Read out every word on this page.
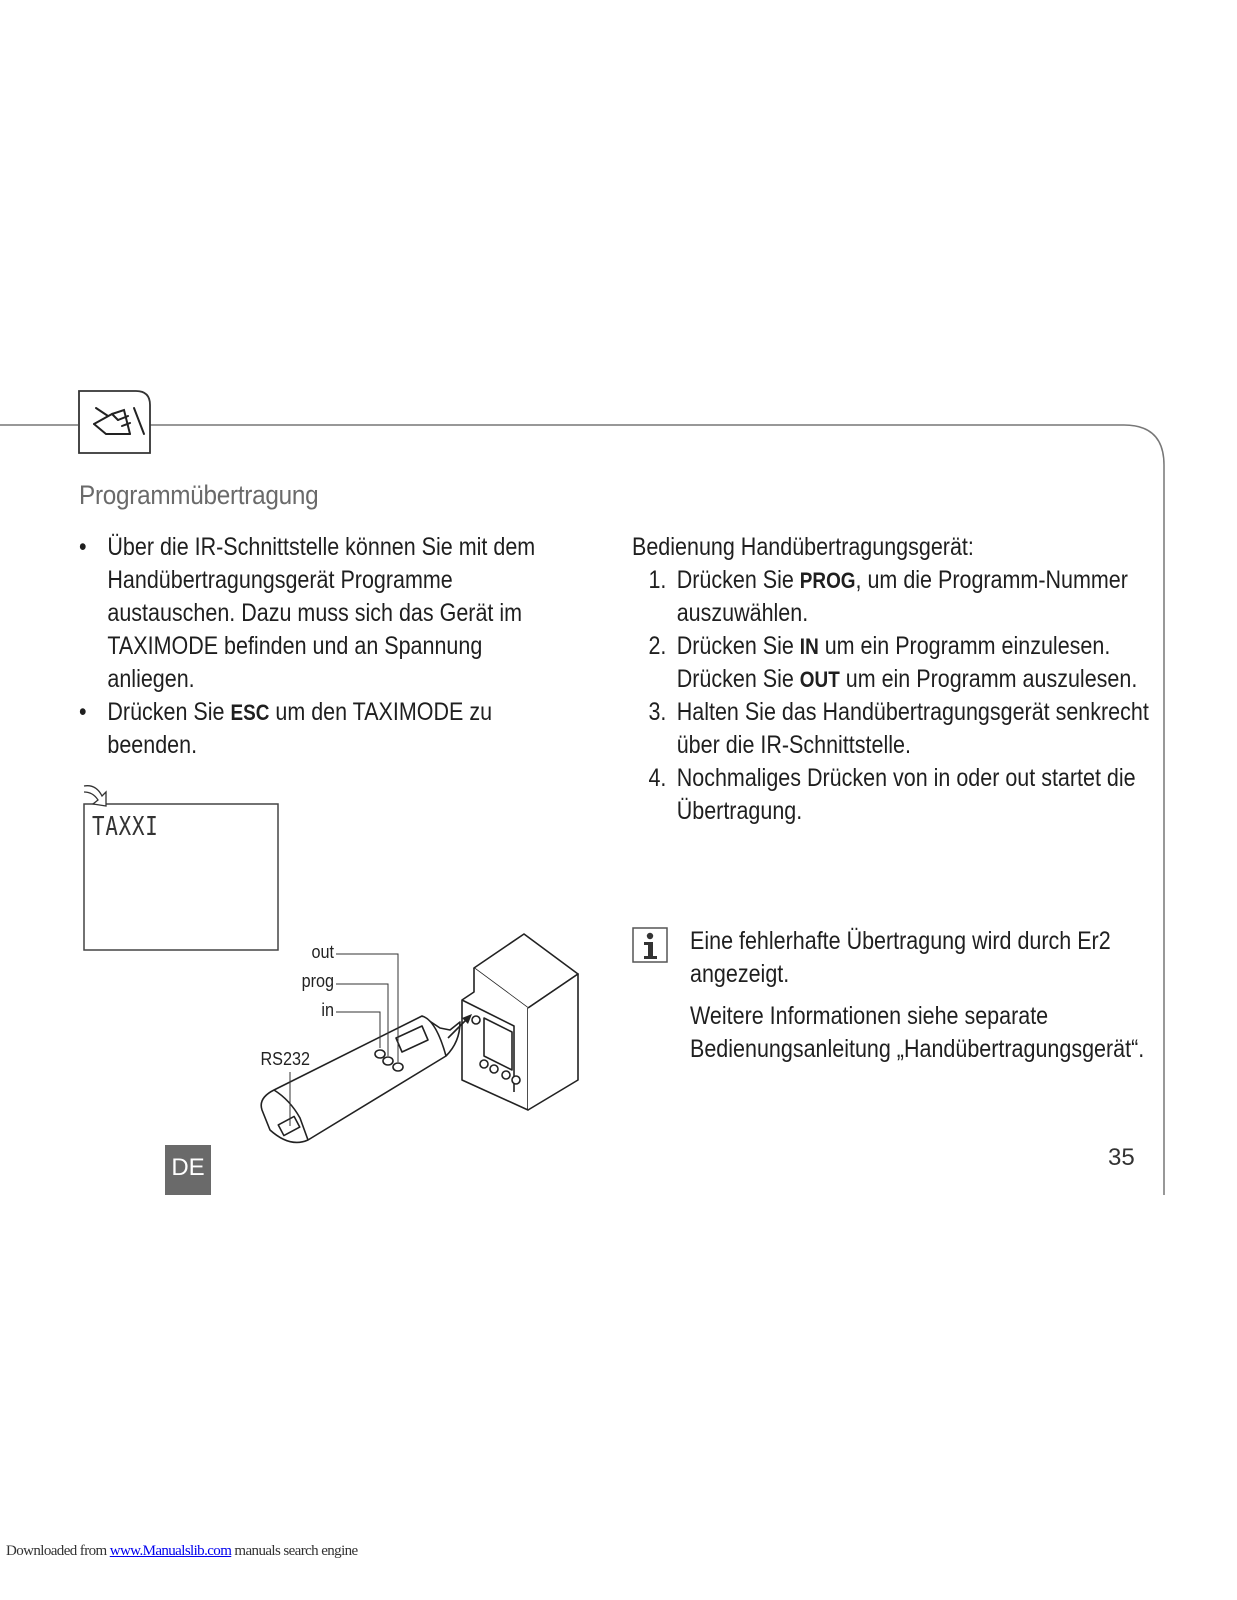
Programmübertragung
• Über die IR-Schnittstelle können Sie mit dem Handübertragungsgerät Programme austauschen. Dazu muss sich das Gerät im TAXIMODE befinden und an Spannung anliegen.
• Drücken Sie ESC um den TAXIMODE zu beenden.
TAXXI
out
prog
in
RS232
Bedienung Handübertragungsgerät:
1. Drücken Sie PROG, um die Programm-Nummer auszuwählen.
2. Drücken Sie IN um ein Programm einzulesen.
Drücken Sie OUT um ein Programm auszulesen.
3. Halten Sie das Handübertragungsgerät senkrecht über die IR-Schnittstelle.
4. Nochmaliges Drücken von in oder out startet die Übertragung.

Eine fehlerhafte Übertragung wird durch Er2 angezeigt.

Weitere Informationen siehe separate Bedienungsanleitung „Handübertragungsgerät“.

DE	35
Downloaded from www.Manualslib.com manuals search engine
